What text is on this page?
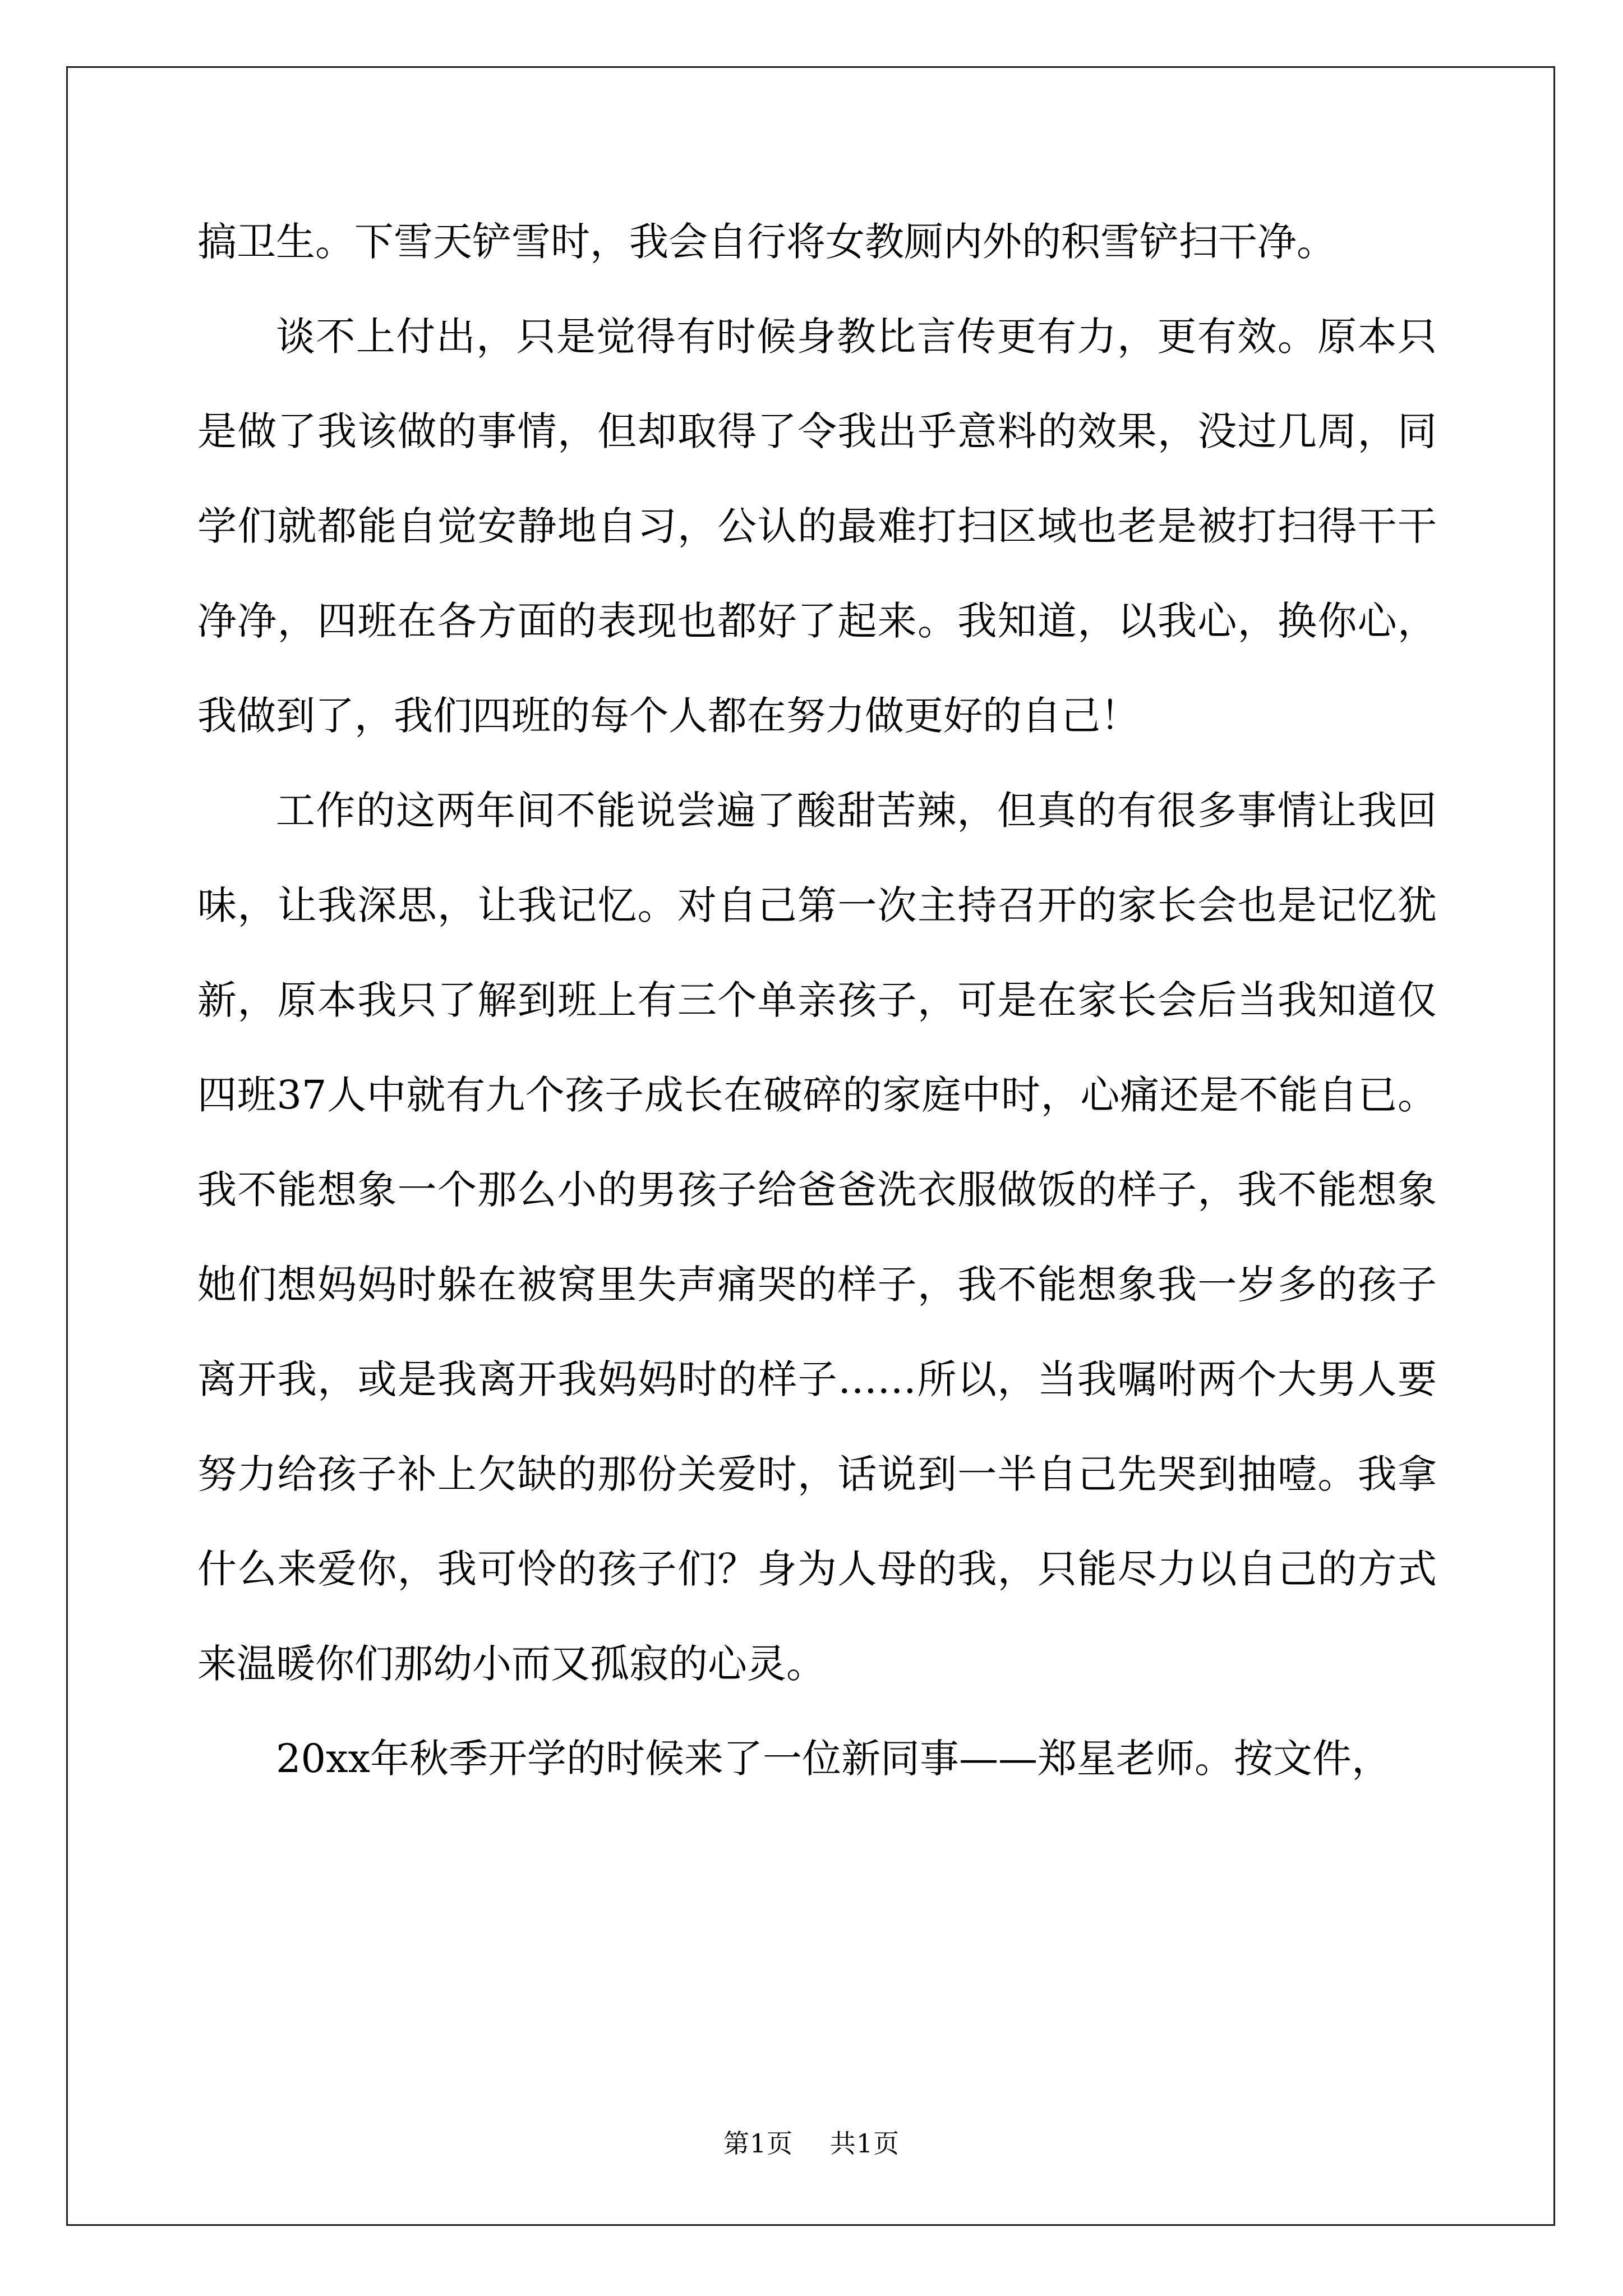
搞卫生。下雪天铲雪时，我会自行将女教厕内外的积雪铲扫干净。

谈不上付出，只是觉得有时候身教比言传更有力，更有效。原本只是做了我该做的事情，但却取得了令我出乎意料的效果，没过几周，同学们就都能自觉安静地自习，公认的最难打扫区域也老是被打扫得干干净净，四班在各方面的表现也都好了起来。我知道，以我心，换你心，我做到了，我们四班的每个人都在努力做更好的自己！

工作的这两年间不能说尝遍了酸甜苦辣，但真的有很多事情让我回味，让我深思，让我记忆。对自己第一次主持召开的家长会也是记忆犹新，原本我只了解到班上有三个单亲孩子，可是在家长会后当我知道仅四班37人中就有九个孩子成长在破碎的家庭中时，心痛还是不能自已。我不能想象一个那么小的男孩子给爸爸洗衣服做饭的样子，我不能想象她们想妈妈时躲在被窝里失声痛哭的样子，我不能想象我一岁多的孩子离开我，或是我离开我妈妈时的样子……所以，当我嘱咐两个大男人要努力给孩子补上欠缺的那份关爱时，话说到一半自己先哭到抽噎。我拿什么来爱你，我可怜的孩子们？身为人母的我，只能尽力以自己的方式来温暖你们那幼小而又孤寂的心灵。

20xx年秋季开学的时候来了一位新同事——郑星老师。按文件，

第1页 共1页
